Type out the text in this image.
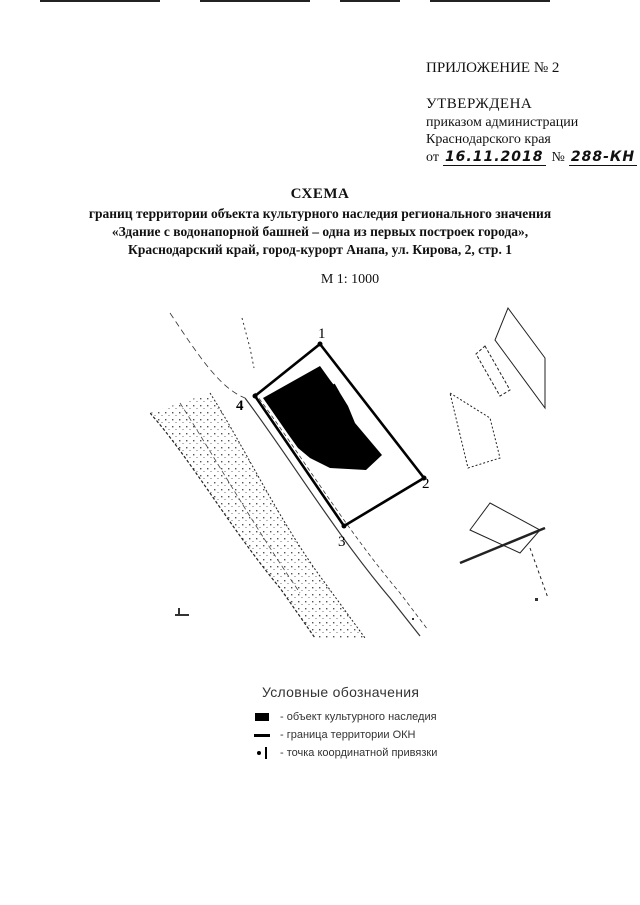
ПРИЛОЖЕНИЕ № 2
УТВЕРЖДЕНА
приказом администрации
Краснодарского края
от 16.11.2018 № 288-КН
СХЕМА
границ территории объекта культурного наследия регионального значения
«Здание с водонапорной башней – одна из первых построек города»,
Краснодарский край, город-курорт Анапа, ул. Кирова, 2, стр. 1
М 1: 1000
1
2
3
4
Условные обозначения
- объект культурного наследия
- граница территории ОКН
- точка координатной привязки
